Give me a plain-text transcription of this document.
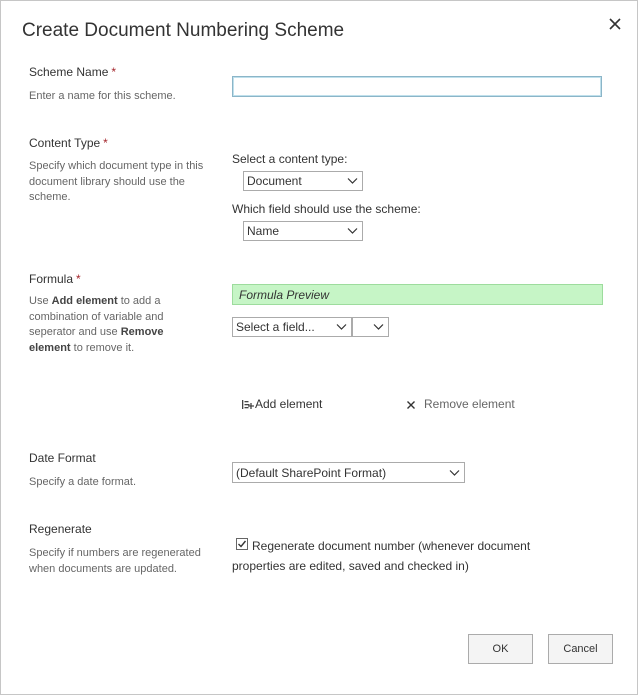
Create Document Numbering Scheme
Scheme Name *
Enter a name for this scheme.
Content Type *
Specify which document type in this document library should use the scheme.
Select a content type:
Document
Which field should use the scheme:
Name
Formula *
Use Add element to add a combination of variable and seperator and use Remove element to remove it.
Formula Preview
Select a field...
Add element	Remove element
Date Format
Specify a date format.
(Default SharePoint Format)
Regenerate
Specify if numbers are regenerated when documents are updated.
Regenerate document number (whenever document properties are edited, saved and checked in)
OK	Cancel
